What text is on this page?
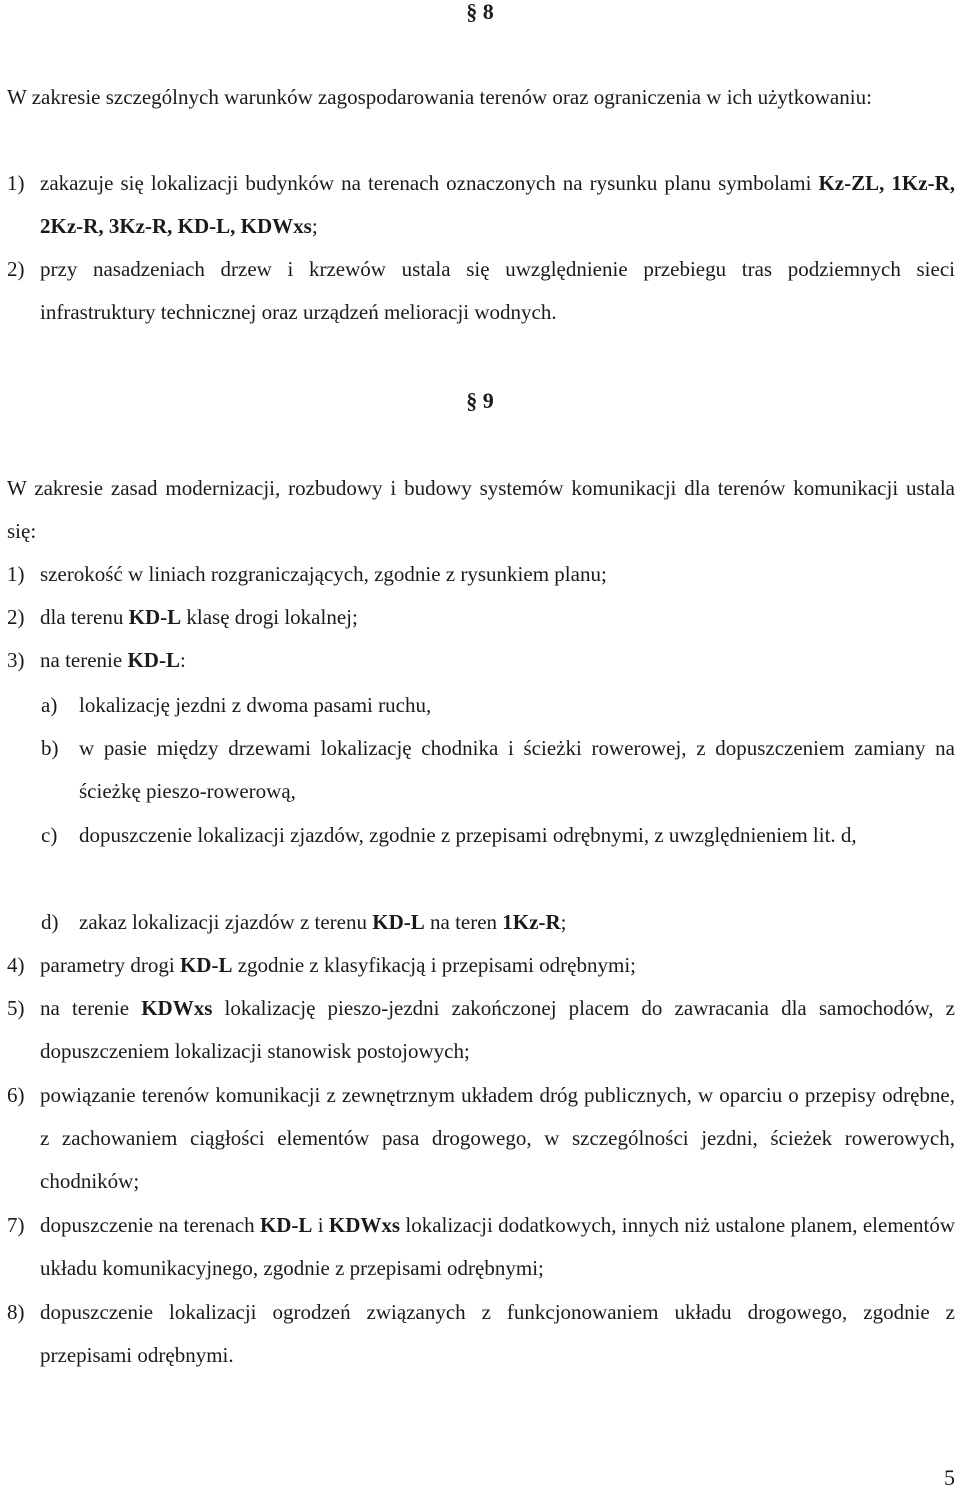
§ 8

W zakresie szczególnych warunków zagospodarowania terenów oraz ograniczenia w ich użytkowaniu:

1) zakazuje się lokalizacji budynków na terenach oznaczonych na rysunku planu symbolami Kz-ZL, 1Kz-R, 2Kz-R, 3Kz-R, KD-L, KDWxs;

2) przy nasadzeniach drzew i krzewów ustala się uwzględnienie przebiegu tras podziemnych sieci infrastruktury technicznej oraz urządzeń melioracji wodnych.

§ 9

W zakresie zasad modernizacji, rozbudowy i budowy systemów komunikacji dla terenów komunikacji ustala się:

1) szerokość w liniach rozgraniczających, zgodnie z rysunkiem planu;

2) dla terenu KD-L klasę drogi lokalnej;

3) na terenie KD-L:

a) lokalizację jezdni z dwoma pasami ruchu,

b) w pasie między drzewami lokalizację chodnika i ścieżki rowerowej, z dopuszczeniem zamiany na ścieżkę pieszo-rowerową,

c) dopuszczenie lokalizacji zjazdów, zgodnie z przepisami odrębnymi, z uwzględnieniem lit. d,

d) zakaz lokalizacji zjazdów z terenu KD-L na teren 1Kz-R;

4) parametry drogi KD-L zgodnie z klasyfikacją i przepisami odrębnymi;

5) na terenie KDWxs lokalizację pieszo-jezdni zakończonej placem do zawracania dla samochodów, z dopuszczeniem lokalizacji stanowisk postojowych;

6) powiązanie terenów komunikacji z zewnętrznym układem dróg publicznych, w oparciu o przepisy odrębne, z zachowaniem ciągłości elementów pasa drogowego, w szczególności jezdni, ścieżek rowerowych, chodników;

7) dopuszczenie na terenach KD-L i KDWxs lokalizacji dodatkowych, innych niż ustalone planem, elementów układu komunikacyjnego, zgodnie z przepisami odrębnymi;

8) dopuszczenie lokalizacji ogrodzeń związanych z funkcjonowaniem układu drogowego, zgodnie z przepisami odrębnymi.

5
